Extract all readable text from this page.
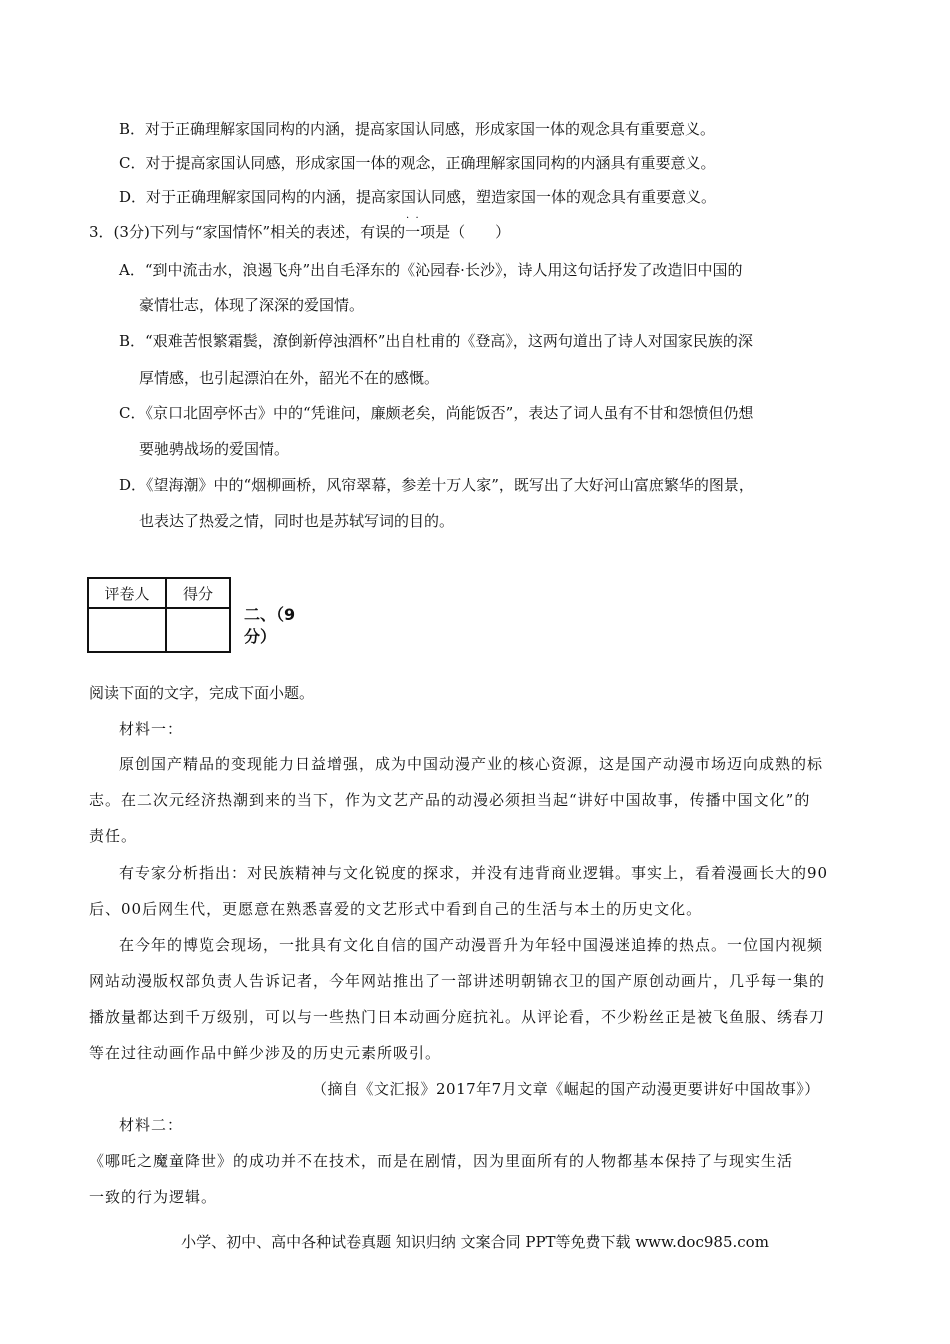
B．对于正确理解家国同构的内涵，提高家国认同感，形成家国一体的观念具有重要意义。
C．对于提高家国认同感，形成家国一体的观念，正确理解家国同构的内涵具有重要意义。
D．对于正确理解家国同构的内涵，提高家国认同感，塑造家国一体的观念具有重要意义。
·  ·
3．(3分)下列与“家国情怀”相关的表述，有误的一项是（　　）
A．“到中流击水，浪遏飞舟”出自毛泽东的《沁园春·长沙》，诗人用这句话抒发了改造旧中国的
豪情壮志，体现了深深的爱国情。
B．“艰难苦恨繁霜鬓，潦倒新停浊酒杯”出自杜甫的《登高》，这两句道出了诗人对国家民族的深
厚情感，也引起漂泊在外，韶光不在的感慨。
C．《京口北固亭怀古》中的“凭谁问，廉颇老矣，尚能饭否”，表达了词人虽有不甘和怨愤但仍想
要驰骋战场的爱国情。
D．《望海潮》中的“烟柳画桥，风帘翠幕，参差十万人家”，既写出了大好河山富庶繁华的图景，
也表达了热爱之情，同时也是苏轼写词的目的。
评卷人	得分

二、（9
分）
阅读下面的文字，完成下面小题。
材料一：
原创国产精品的变现能力日益增强，成为中国动漫产业的核心资源，这是国产动漫市场迈向成熟的标
志。在二次元经济热潮到来的当下，作为文艺产品的动漫必须担当起“讲好中国故事，传播中国文化”的
责任。
有专家分析指出：对民族精神与文化锐度的探求，并没有违背商业逻辑。事实上，看着漫画长大的90
后、00后网生代，更愿意在熟悉喜爱的文艺形式中看到自己的生活与本土的历史文化。
在今年的博览会现场，一批具有文化自信的国产动漫晋升为年轻中国漫迷追捧的热点。一位国内视频
网站动漫版权部负责人告诉记者，今年网站推出了一部讲述明朝锦衣卫的国产原创动画片，几乎每一集的
播放量都达到千万级别，可以与一些热门日本动画分庭抗礼。从评论看，不少粉丝正是被飞鱼服、绣春刀
等在过往动画作品中鲜少涉及的历史元素所吸引。
（摘自《文汇报》2017年7月文章《崛起的国产动漫更要讲好中国故事》）
材料二：
《哪吒之魔童降世》的成功并不在技术，而是在剧情，因为里面所有的人物都基本保持了与现实生活
一致的行为逻辑。
小学、初中、高中各种试卷真题 知识归纳 文案合同 PPT等免费下载 www.doc985.com
